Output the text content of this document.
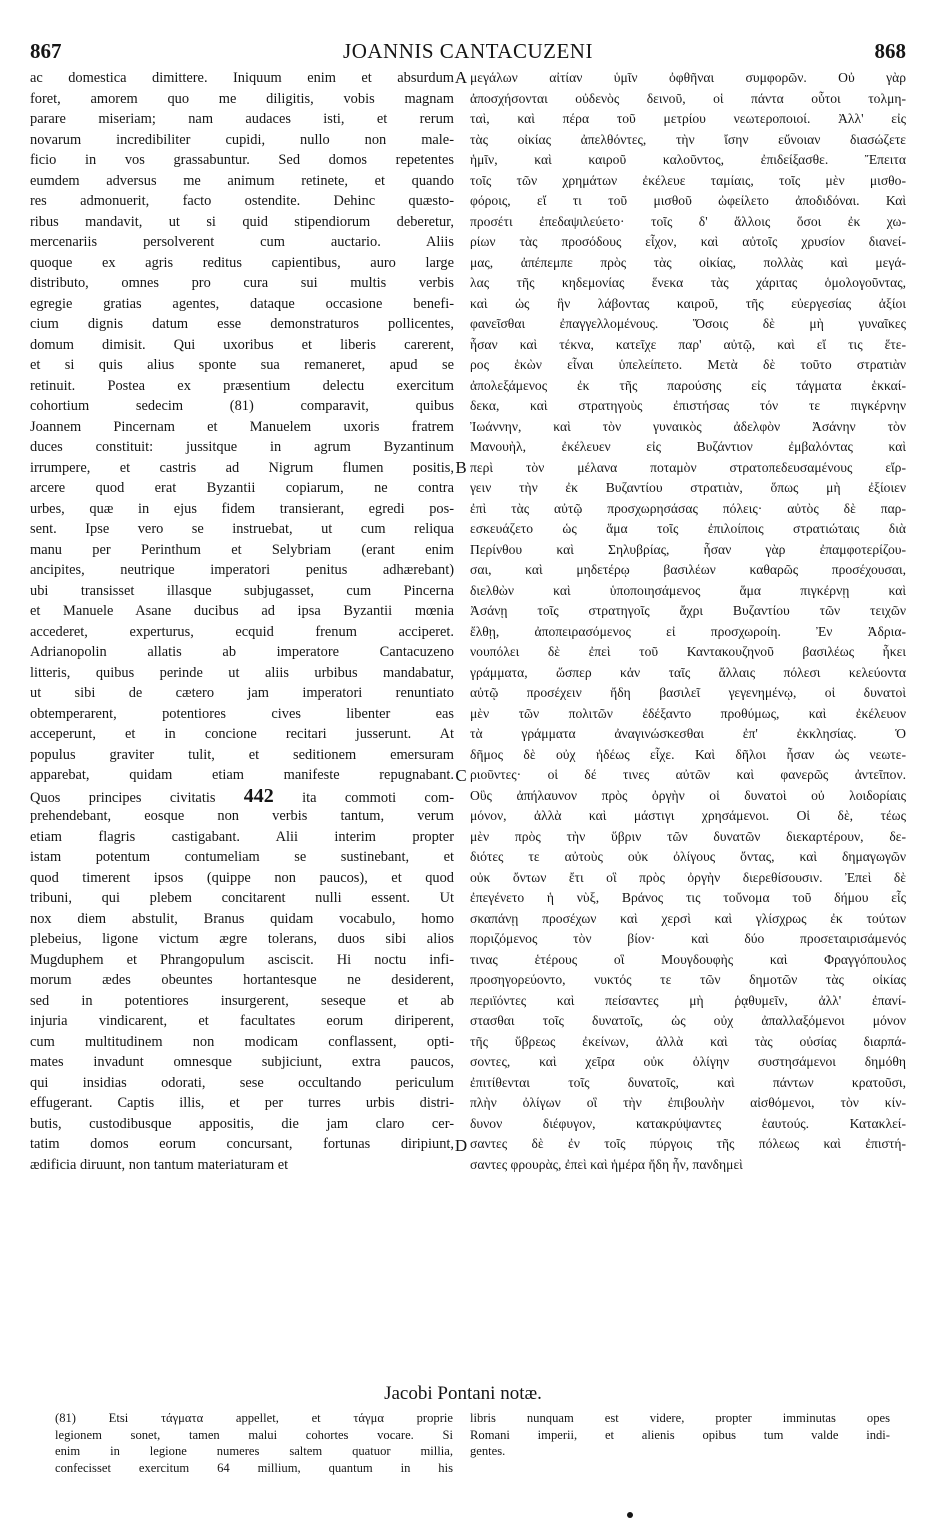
867	JOANNIS CANTACUZENI	868
ac domestica dimittere. Iniquum enim et absurdum
foret, amorem quo me diligitis, vobis magnam
parare miseriam; nam audaces isti, et rerum
novarum incredibiliter cupidi, nullo non male-
ficio in vos grassabuntur. Sed domos repetentes
eumdem adversus me animum retinete, et quando
res admonuerit, facto ostendite. Dehinc quæsto-
ribus mandavit, ut si quid stipendiorum deberetur,
mercenariis persolverent cum auctario. Aliis
quoque ex agris reditus capientibus, auro large
distributo, omnes pro cura sui multis verbis
egregie gratias agentes, dataque occasione benefi-
cium dignis datum esse demonstraturos pollicentes,
domum dimisit. Qui uxoribus et liberis carerent,
et si quis alius sponte sua remaneret, apud se
retinuit. Postea ex præsentium delectu exercitum
cohortium sedecim (81) comparavit, quibus
Joannem Pincernam et Manuelem uxoris fratrem
duces constituit: jussitque in agrum Byzantinum
irrumpere, et castris ad Nigrum flumen positis,
arcere quod erat Byzantii copiarum, ne contra
urbes, quæ in ejus fidem transierant, egredi pos-
sent. Ipse vero se instruebat, ut cum reliqua
manu per Perinthum et Selybriam (erant enim
ancipites, neutrique imperatori penitus adhærebant)
ubi transisset illasque subjugasset, cum Pincerna
et Manuele Asane ducibus ad ipsa Byzantii mœnia
accederet, experturus, ecquid frenum acciperet.
Adrianopolin allatis ab imperatore Cantacuzeno
litteris, quibus perinde ut aliis urbibus mandabatur,
ut sibi de cætero jam imperatori renuntiato
obtemperarent, potentiores cives libenter eas
acceperunt, et in concione recitari jusserunt. At
populus graviter tulit, et seditionem emersuram
apparebat, quidam etiam manifeste repugnabant.
Quos principes civitatis 442 ita commoti com-
prehendebant, eosque non verbis tantum, verum
etiam flagris castigabant. Alii interim propter
istam potentum contumeliam se sustinebant, et
quod timerent ipsos (quippe non paucos), et quod
tribuni, qui plebem concitarent nulli essent. Ut
nox diem abstulit, Branus quidam vocabulo, homo
plebeius, ligone victum ægre tolerans, duos sibi alios
Mugduphem et Phrangopulum asciscit. Hi noctu infi-
morum ædes obeuntes hortantesque ne desiderent,
sed in potentiores insurgerent, seseque et ab
injuria vindicarent, et facultates eorum diriperent,
cum multitudinem non modicam conflassent, opti-
mates invadunt omnesque subjiciunt, extra paucos,
qui insidias odorati, sese occultando periculum
effugerant. Captis illis, et per turres urbis distri-
butis, custodibusque appositis, die jam claro cer-
tatim domos eorum concursant, fortunas diripiunt,
ædificia diruunt, non tantum materiaturam et
A
B
C
D
μεγάλων αἰτίαν ὑμῖν ὀφθῆναι συμφορῶν. Οὐ γὰρ
ἀποσχήσονται οὐδενὸς δεινοῦ, οἱ πάντα οὗτοι τολμη-
ταὶ, καὶ πέρα τοῦ μετρίου νεωτεροποιοί. Ἀλλ' εἰς
τὰς οἰκίας ἀπελθόντες, τὴν ἴσην εὔνοιαν διασώζετε
ἡμῖν, καὶ καιροῦ καλοῦντος, ἐπιδείξασθε. Ἔπειτα
τοῖς τῶν χρημάτων ἐκέλευε ταμίαις, τοῖς μὲν μισθο-
φόροις, εἴ τι τοῦ μισθοῦ ὠφείλετο ἀποδιδόναι. Καὶ
προσέτι ἐπεδαψιλεύετο· τοῖς δ' ἄλλοις ὅσοι ἐκ χω-
ρίων τὰς προσόδους εἶχον, καὶ αὐτοῖς χρυσίον διανεί-
μας, ἀπέπεμπε πρὸς τὰς οἰκίας, πολλὰς καὶ μεγά-
λας τῆς κηδεμονίας ἕνεκα τὰς χάριτας ὁμολογοῦντας,
καὶ ὡς ἣν λάβοντας καιροῦ, τῆς εὐεργεσίας ἀξίοι
φανεῖσθαι ἐπαγγελλομένους. Ὅσοις δὲ μὴ γυναῖκες
ἦσαν καὶ τέκνα, κατεῖχε παρ' αὐτῷ, καὶ εἴ τις ἕτε-
ρος ἑκὼν εἶναι ὑπελείπετο. Μετὰ δὲ τοῦτο στρατιὰν
ἀπολεξάμενος ἐκ τῆς παρούσης εἰς τάγματα ἑκκαί-
δεκα, καὶ στρατηγοὺς ἐπιστήσας τόν τε πιγκέρνην
Ἰωάννην, καὶ τὸν γυναικὸς ἀδελφὸν Ἀσάνην τὸν
Μανουὴλ, ἐκέλευεν εἰς Βυζάντιον ἐμβαλόντας καὶ
περὶ τὸν μέλανα ποταμὸν στρατοπεδευσαμένους εἴρ-
γειν τὴν ἐκ Βυζαντίου στρατιὰν, ὅπως μὴ ἐξίοιεν
ἐπὶ τὰς αὐτῷ προσχωρησάσας πόλεις· αὐτὸς δὲ παρ-
εσκευάζετο ὡς ἅμα τοῖς ἐπιλοίποις στρατιώταις διὰ
Περίνθου καὶ Σηλυβρίας, ἦσαν γὰρ ἐπαμφοτερίζου-
σαι, καὶ μηδετέρῳ βασιλέων καθαρῶς προσέχουσαι,
διελθὼν καὶ ὑποποιησάμενος ἅμα πιγκέρνῃ καὶ
Ἀσάνῃ τοῖς στρατηγοῖς ἄχρι Βυζαντίου τῶν τειχῶν
ἔλθῃ, ἀποπειρασόμενος εἰ προσχωροίη. Ἐν Ἀδρια-
νουπόλει δὲ ἐπεὶ τοῦ Καντακουζηνοῦ βασιλέως ἧκει
γράμματα, ὥσπερ κἀν ταῖς ἄλλαις πόλεσι κελεύοντα
αὐτῷ προσέχειν ἤδη βασιλεῖ γεγενημένῳ, οἱ δυνατοὶ
μὲν τῶν πολιτῶν ἐδέξαντο προθύμως, καὶ ἐκέλευον
τὰ γράμματα ἀναγινώσκεσθαι ἐπ' ἐκκλησίας. Ὁ
δῆμος δὲ οὐχ ἡδέως εἶχε. Καὶ δῆλοι ἦσαν ὡς νεωτε-
ριοῦντες· οἱ δέ τινες αὐτῶν καὶ φανερῶς ἀντεῖπον.
Οὓς ἀπήλαυνον πρὸς ὀργὴν οἱ δυνατοὶ οὐ λοιδορίαις
μόνον, ἀλλὰ καὶ μάστιγι χρησάμενοι. Οἱ δὲ, τέως
μὲν πρὸς τὴν ὕβριν τῶν δυνατῶν διεκαρτέρουν, δε-
διότες τε αὐτοὺς οὐκ ὀλίγους ὄντας, καὶ δημαγωγῶν
οὐκ ὄντων ἔτι οἳ πρὸς ὀργὴν διερεθίσουσιν. Ἐπεὶ δὲ
ἐπεγένετο ἡ νὺξ, Βράνος τις τοὔνομα τοῦ δήμου εἷς
σκαπάνῃ προσέχων καὶ χερσὶ καὶ γλίσχρως ἐκ τούτων
ποριζόμενος τὸν βίον· καὶ δύο προσεταιρισάμενός
τινας ἑτέρους οἳ Μουγδουφὴς καὶ Φραγγόπουλος
προσηγορεύοντο, νυκτός τε τῶν δημοτῶν τὰς οἰκίας
περιϊόντες καὶ πείσαντες μὴ ῥᾳθυμεῖν, ἀλλ' ἐπανί-
στασθαι τοῖς δυνατοῖς, ὡς οὐχ ἀπαλλαξόμενοι μόνον
τῆς ὕβρεως ἐκείνων, ἀλλὰ καὶ τὰς οὐσίας διαρπά-
σοντες, καὶ χεῖρα οὐκ ὀλίγην συστησάμενοι δημόθη
ἐπιτίθενται τοῖς δυνατοῖς, καὶ πάντων κρατοῦσι,
πλὴν ὀλίγων οἳ τὴν ἐπιβουλὴν αἰσθόμενοι, τὸν κίν-
δυνον διέφυγον, κατακρύψαντες ἑαυτούς. Κατακλεί-
σαντες δὲ ἐν τοῖς πύργοις τῆς πόλεως καὶ ἐπιστή-
σαντες φρουρὰς, ἐπεὶ καὶ ἡμέρα ἤδη ἦν, πανδημεὶ
Jacobi Pontani notæ.
(81) Etsi τάγματα appellet, et τάγμα proprie
legionem sonet, tamen malui cohortes vocare. Si
enim in legione numeres saltem quatuor millia,
confecisset exercitum 64 millium, quantum in his
libris nunquam est videre, propter imminutas opes
Romani imperii, et alienis opibus tum valde indi-
gentes.
